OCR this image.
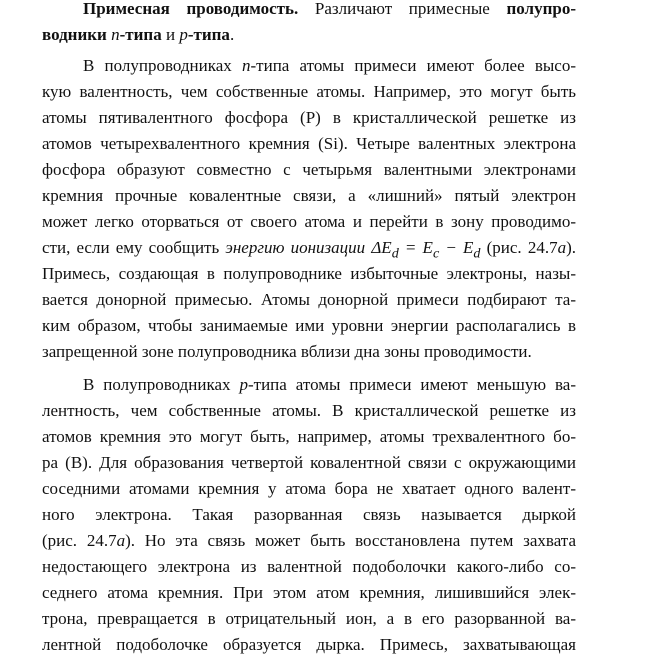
Примесная проводимость. Различают примесные полупро-
водники n-типа и p-типа.
В полупроводниках n-типа атомы примеси имеют более высо-
кую валентность, чем собственные атомы. Например, это могут быть
атомы пятивалентного фосфора (P) в кристаллической решетке из
атомов четырехвалентного кремния (Si). Четыре валентных электрона
фосфора образуют совместно с четырьмя валентными электронами
кремния прочные ковалентные связи, а «лишний» пятый электрон
может легко оторваться от своего атома и перейти в зону проводимо-
сти, если ему сообщить энергию ионизации $\Delta E_d = E_c - E_d$ (рис. 24.7a).
Примесь, создающая в полупроводнике избыточные электроны, назы-
вается донорной примесью. Атомы донорной примеси подбирают та-
ким образом, чтобы занимаемые ими уровни энергии располагались в
запрещенной зоне полупроводника вблизи дна зоны проводимости.
В полупроводниках p-типа атомы примеси имеют меньшую ва-
лентность, чем собственные атомы. В кристаллической решетке из
атомов кремния это могут быть, например, атомы трехвалентного бо-
ра (B). Для образования четвертой ковалентной связи с окружающими
соседними атомами кремния у атома бора не хватает одного валент-
ного электрона. Такая разорванная связь называется дыркой
(рис. 24.7a). Но эта связь может быть восстановлена путем захвата
недостающего электрона из валентной подоболочки какого-либо со-
седнего атома кремния. При этом атом кремния, лишившийся элек-
трона, превращается в отрицательный ион, а в его разорванной ва-
лентной подоболочке образуется дырка. Примесь, захватывающая
